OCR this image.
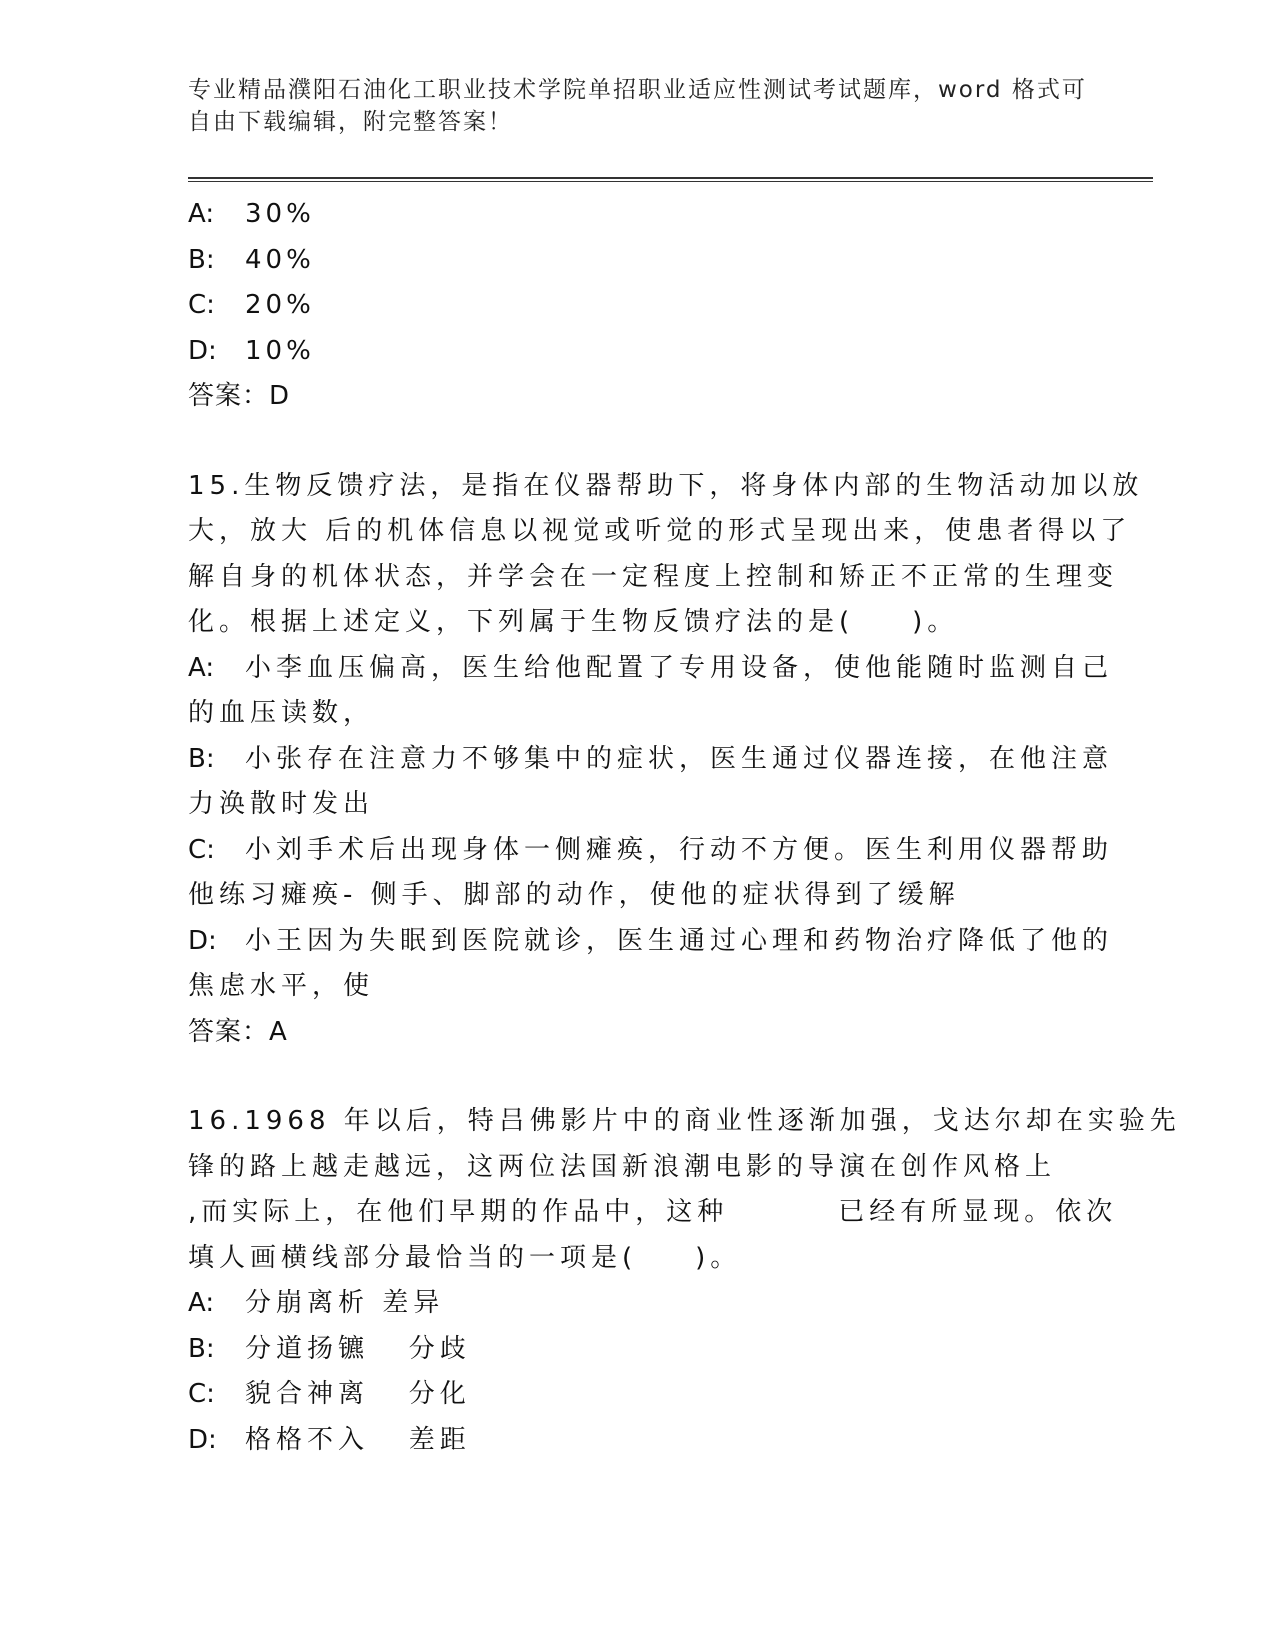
专业精品濮阳石油化工职业技术学院单招职业适应性测试考试题库，word 格式可
自由下载编辑，附完整答案！
A: 30%
B: 40%
C: 20%
D: 10%
答案：D
15.生物反馈疗法，是指在仪器帮助下，将身体内部的生物活动加以放
大，放大 后的机体信息以视觉或听觉的形式呈现出来，使患者得以了
解自身的机体状态，并学会在一定程度上控制和矫正不正常的生理变
化。根据上述定义，下列属于生物反馈疗法的是( )。
A: 小李血压偏高，医生给他配置了专用设备，使他能随时监测自己
的血压读数，
B: 小张存在注意力不够集中的症状，医生通过仪器连接，在他注意
力涣散时发出
C: 小刘手术后出现身体一侧瘫痪，行动不方便。医生利用仪器帮助
他练习瘫痪- 侧手、脚部的动作，使他的症状得到了缓解
D: 小王因为失眠到医院就诊，医生通过心理和药物治疗降低了他的
焦虑水平，使
答案：A
16.1968 年以后，特吕佛影片中的商业性逐渐加强，戈达尔却在实验先
锋的路上越走越远，这两位法国新浪潮电影的导演在创作风格上
,而实际上，在他们早期的作品中，这种	已经有所显现。依次
填人画横线部分最恰当的一项是( )。
A: 分崩离析 差异
B: 分道扬镳   分歧
C: 貌合神离   分化
D: 格格不入   差距
